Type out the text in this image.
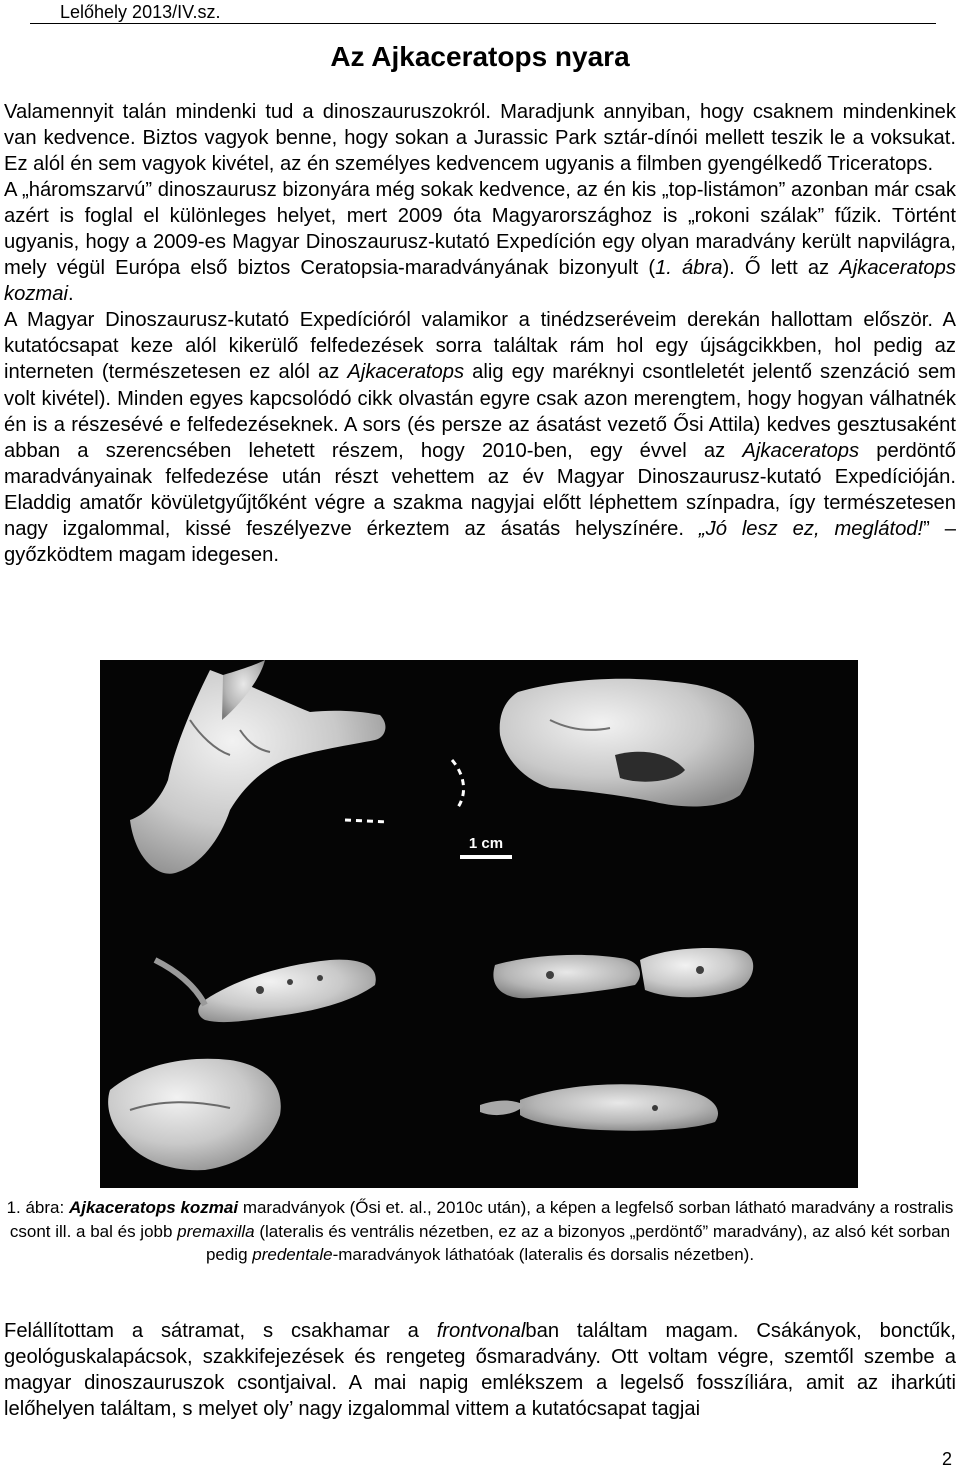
Lelőhely 2013/IV.sz.
Az Ajkaceratops nyara

Valamennyit talán mindenki tud a dinoszauruszokról. Maradjunk annyiban, hogy csaknem mindenkinek van kedvence. Biztos vagyok benne, hogy sokan a Jurassic Park sztár-dínói mellett teszik le a voksukat. Ez alól én sem vagyok kivétel, az én személyes kedvencem ugyanis a filmben gyengélkedő Triceratops.

A „háromszarvú” dinoszaurusz bizonyára még sokak kedvence, az én kis „top-listámon” azonban már csak azért is foglal el különleges helyet, mert 2009 óta Magyarországhoz is „rokoni szálak” fűzik. Történt ugyanis, hogy a 2009-es Magyar Dinoszaurusz-kutató Expedíción egy olyan maradvány került napvilágra, mely végül Európa első biztos Ceratopsia-maradványának bizonyult (1. ábra). Ő lett az Ajkaceratops kozmai.

A Magyar Dinoszaurusz-kutató Expedícióról valamikor a tinédzseréveim derekán hallottam először. A kutatócsapat keze alól kikerülő felfedezések sorra találtak rám hol egy újságcikkben, hol pedig az interneten (természetesen ez alól az Ajkaceratops alig egy maréknyi csontleletét jelentő szenzáció sem volt kivétel). Minden egyes kapcsolódó cikk olvastán egyre csak azon merengtem, hogy hogyan válhatnék én is a részesévé e felfedezéseknek. A sors (és persze az ásatást vezető Ősi Attila) kedves gesztusaként abban a szerencsében lehetett részem, hogy 2010-ben, egy évvel az Ajkaceratops perdöntő maradványainak felfedezése után részt vehettem az év Magyar Dinoszaurusz-kutató Expedícióján. Eladdig amatőr kövületgyűjtőként végre a szakma nagyjai előtt léphettem színpadra, így természetesen nagy izgalommal, kissé feszélyezve érkeztem az ásatás helyszínére. „Jó lesz ez, meglátod!” – győzködtem magam idegesen.

1 cm

1. ábra: Ajkaceratops kozmai maradványok (Ősi et. al., 2010c után), a képen a legfelső sorban látható maradvány a rostralis csont ill. a bal és jobb premaxilla (lateralis és ventrális nézetben, ez az a bizonyos „perdöntő” maradvány), az alsó két sorban pedig predentale-maradványok láthatóak (lateralis és dorsalis nézetben).

Felállítottam a sátramat, s csakhamar a frontvonalban találtam magam. Csákányok, bonctűk, geológuskalapácsok, szakkifejezések és rengeteg ősmaradvány. Ott voltam végre, szemtől szembe a magyar dinoszauruszok csontjaival. A mai napig emlékszem a legelső fosszíliára, amit az iharkúti lelőhelyen találtam, s melyet oly’ nagy izgalommal vittem a kutatócsapat tagjai

2
